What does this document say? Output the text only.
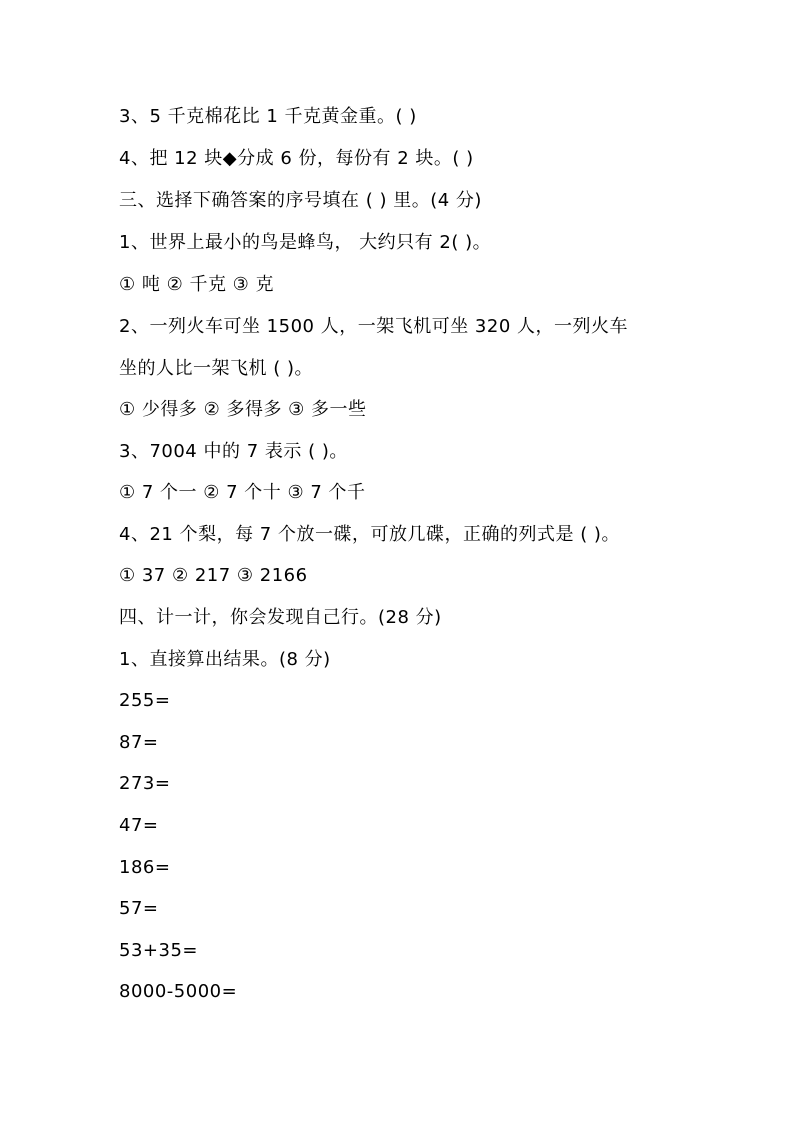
3、5 千克棉花比 1 千克黄金重。( )
4、把 12 块◆分成 6 份，每份有 2 块。( )
三、选择下确答案的序号填在 ( ) 里。(4 分)
1、世界上最小的鸟是蜂鸟， 大约只有 2( )。
① 吨 ② 千克 ③ 克
2、一列火车可坐 1500 人，一架飞机可坐 320 人，一列火车
坐的人比一架飞机 ( )。
① 少得多 ② 多得多 ③ 多一些
3、7004 中的 7 表示 ( )。
① 7 个一 ② 7 个十 ③ 7 个千
4、21 个梨，每 7 个放一碟，可放几碟，正确的列式是 ( )。
① 37 ② 217 ③ 2166
四、计一计，你会发现自己行。(28 分)
1、直接算出结果。(8 分)
255=
87=
273=
47=
186=
57=
53+35=
8000-5000=
